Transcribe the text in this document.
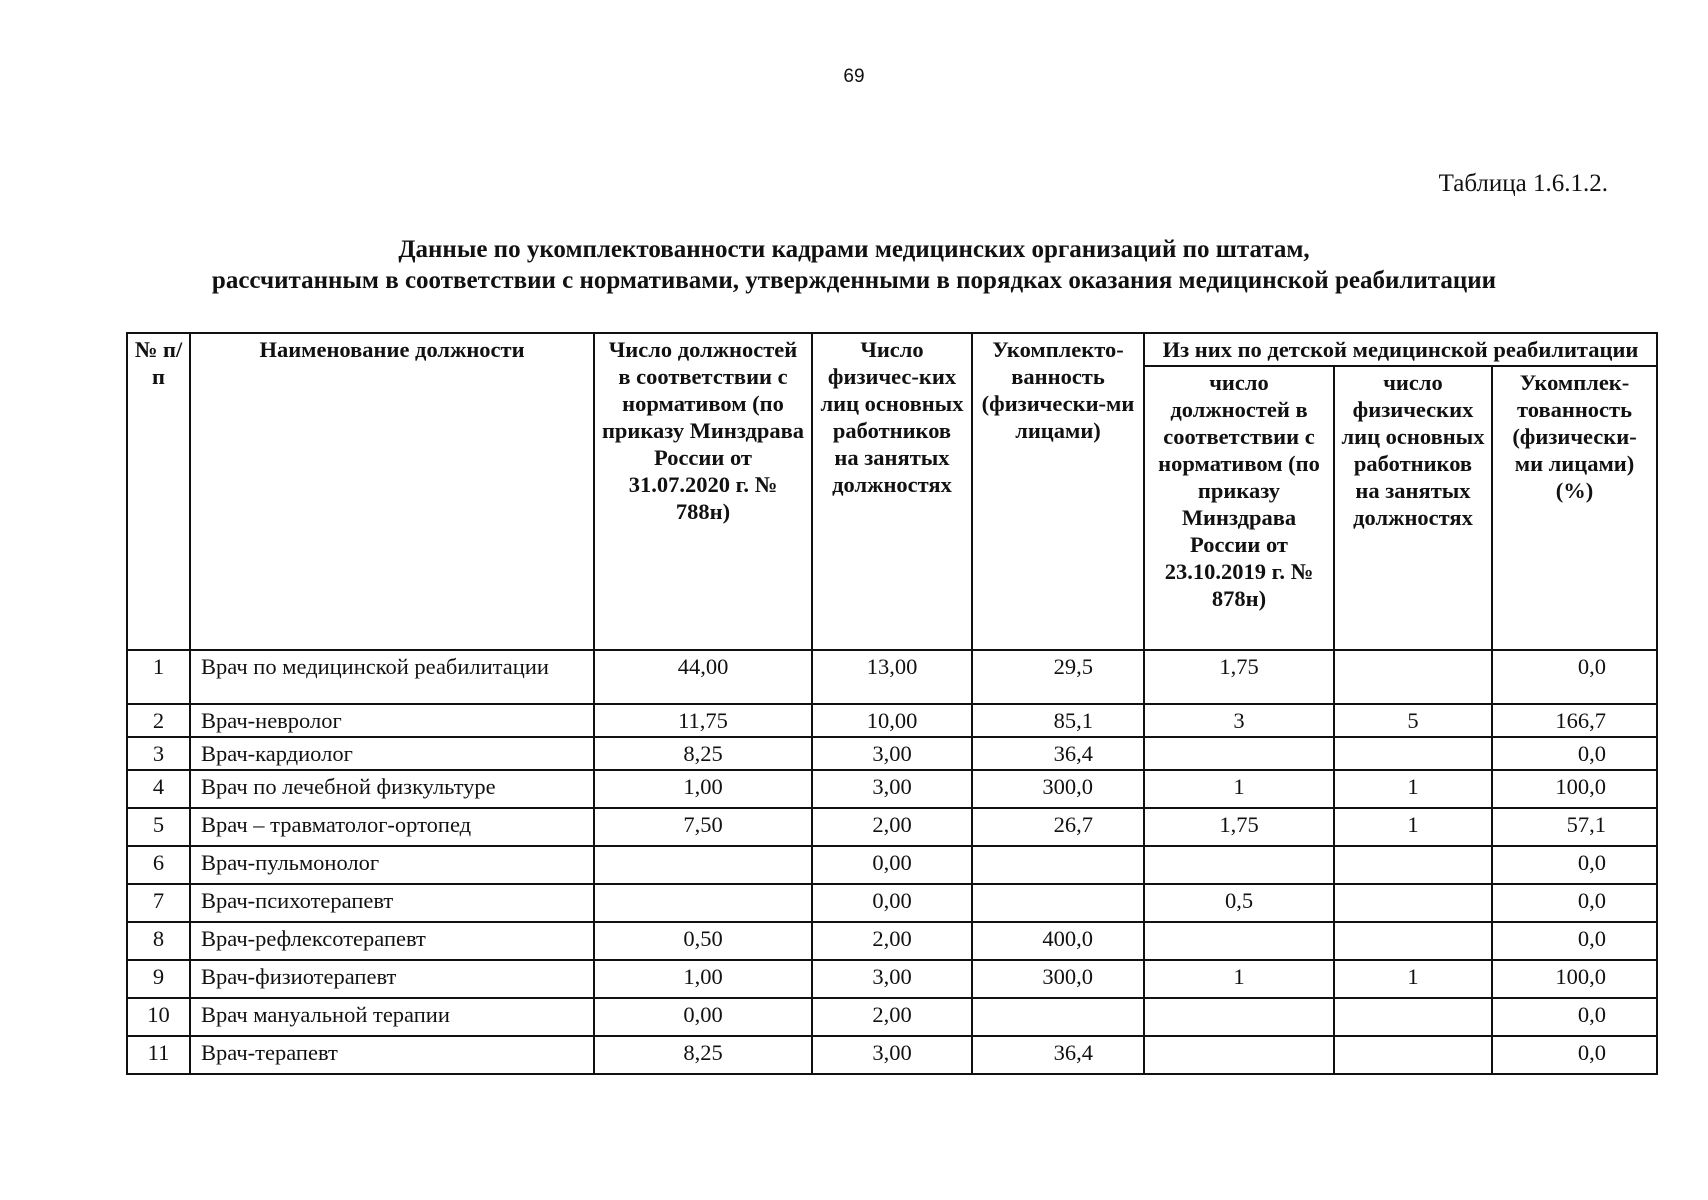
69
Таблица 1.6.1.2.
Данные по укомплектованности кадрами медицинских организаций по штатам,
рассчитанным в соответствии с нормативами, утвержденными в порядках оказания медицинской реабилитации
№ п/п	Наименование должности	Число должностей в соответствии с нормативом (по приказу Минздрава России от 31.07.2020 г. № 788н)	Число физичес-ких лиц основных работников на занятых должностях	Укомплекто-ванность (физически-ми лицами)	Из них по детской медицинской реабилитации		
					число должностей в соответствии с нормативом (по приказу Минздрава России от 23.10.2019 г. № 878н)	число физических лиц основных работников на занятых должностях	Укомплек-тованность (физически-ми лицами) (%)
1	Врач по медицинской реабилитации	44,00	13,00	29,5	1,75		0,0
2	Врач-невролог	11,75	10,00	85,1	3	5	166,7
3	Врач-кардиолог	8,25	3,00	36,4			0,0
4	Врач по лечебной физкультуре	1,00	3,00	300,0	1	1	100,0
5	Врач – травматолог-ортопед	7,50	2,00	26,7	1,75	1	57,1
6	Врач-пульмонолог		0,00				0,0
7	Врач-психотерапевт		0,00		0,5		0,0
8	Врач-рефлексотерапевт	0,50	2,00	400,0			0,0
9	Врач-физиотерапевт	1,00	3,00	300,0	1	1	100,0
10	Врач мануальной терапии	0,00	2,00				0,0
11	Врач-терапевт	8,25	3,00	36,4			0,0
